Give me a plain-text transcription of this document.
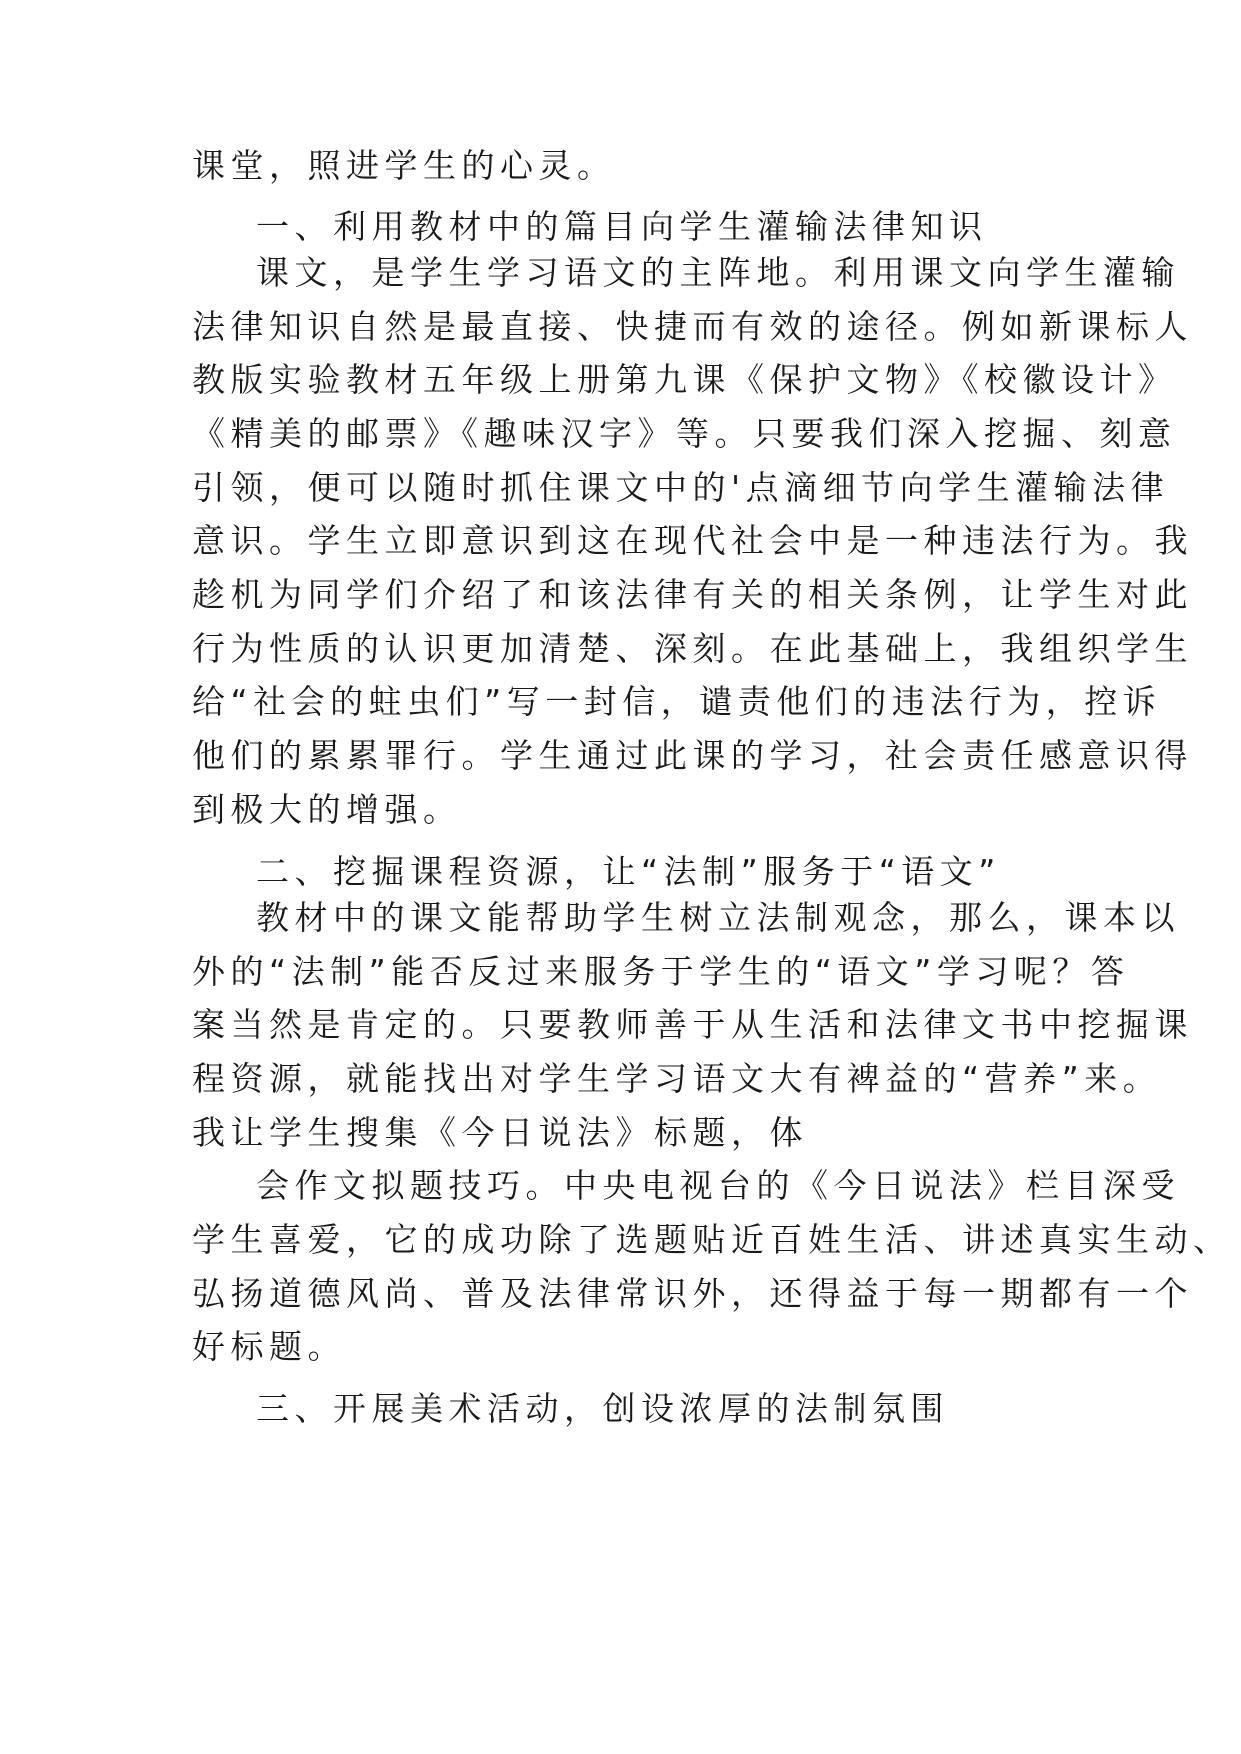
课堂，照进学生的心灵。
一、利用教材中的篇目向学生灌输法律知识
课文，是学生学习语文的主阵地。利用课文向学生灌输
法律知识自然是最直接、快捷而有效的途径。例如新课标人
教版实验教材五年级上册第九课《保护文物》《校徽设计》
《精美的邮票》《趣味汉字》等。只要我们深入挖掘、刻意
引领，便可以随时抓住课文中的'点滴细节向学生灌输法律
意识。学生立即意识到这在现代社会中是一种违法行为。我
趁机为同学们介绍了和该法律有关的相关条例，让学生对此
行为性质的认识更加清楚、深刻。在此基础上，我组织学生
给“社会的蛀虫们”写一封信，谴责他们的违法行为，控诉
他们的累累罪行。学生通过此课的学习，社会责任感意识得
到极大的增强。
二、挖掘课程资源，让“法制”服务于“语文”
教材中的课文能帮助学生树立法制观念，那么，课本以
外的“法制”能否反过来服务于学生的“语文”学习呢？答
案当然是肯定的。只要教师善于从生活和法律文书中挖掘课
程资源，就能找出对学生学习语文大有裨益的“营养”来。
我让学生搜集《今日说法》标题，体
会作文拟题技巧。中央电视台的《今日说法》栏目深受
学生喜爱，它的成功除了选题贴近百姓生活、讲述真实生动、
弘扬道德风尚、普及法律常识外，还得益于每一期都有一个
好标题。
三、开展美术活动，创设浓厚的法制氛围
